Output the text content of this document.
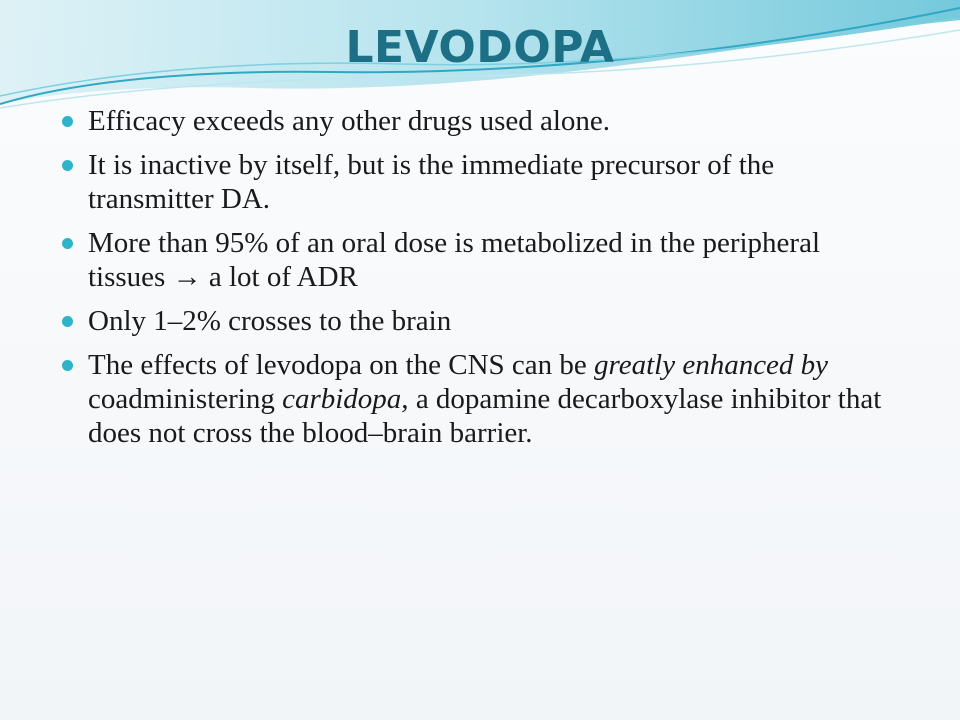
LEVODOPA
Efficacy exceeds any other drugs used alone.
It is inactive by itself, but is the immediate precursor of the transmitter DA.
More than 95% of an oral dose is metabolized in the peripheral tissues → a lot of ADR
Only 1–2% crosses to the brain
The effects of levodopa on the CNS can be greatly enhanced by coadministering carbidopa, a dopamine decarboxylase inhibitor that does not cross the blood–brain barrier.
